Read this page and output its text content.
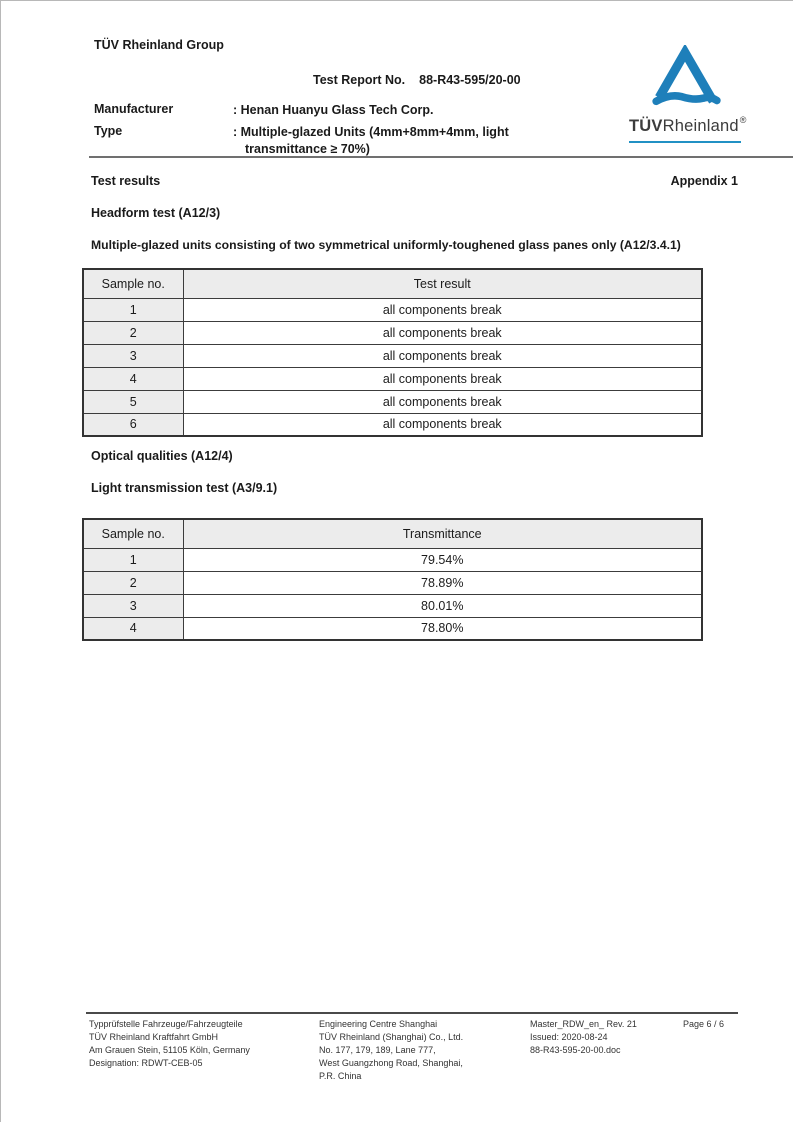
TÜV Rheinland Group
TÜVRheinland®
Test Report No. 88-R43-595/20-00
Manufacturer	: Henan Huanyu Glass Tech Corp.
Type	: Multiple-glazed Units (4mm+8mm+4mm, light transmittance ≥ 70%)
Test results	Appendix 1
Headform test (A12/3)
Multiple-glazed units consisting of two symmetrical uniformly-toughened glass panes only (A12/3.4.1)
Sample no.	Test result
1	all components break
2	all components break
3	all components break
4	all components break
5	all components break
6	all components break
Optical qualities (A12/4)
Light transmission test (A3/9.1)
Sample no.	Transmittance
1	79.54%
2	78.89%
3	80.01%
4	78.80%
Typprüfstelle Fahrzeuge/Fahrzeugteile
TÜV Rheinland Kraftfahrt GmbH
Am Grauen Stein, 51105 Köln, Germany
Designation: RDWT-CEB-05
Engineering Centre Shanghai
TÜV Rheinland (Shanghai) Co., Ltd.
No. 177, 179, 189, Lane 777,
West Guangzhong Road, Shanghai,
P.R. China
Master_RDW_en_ Rev. 21
Issued: 2020-08-24
88-R43-595-20-00.doc
Page 6 / 6
